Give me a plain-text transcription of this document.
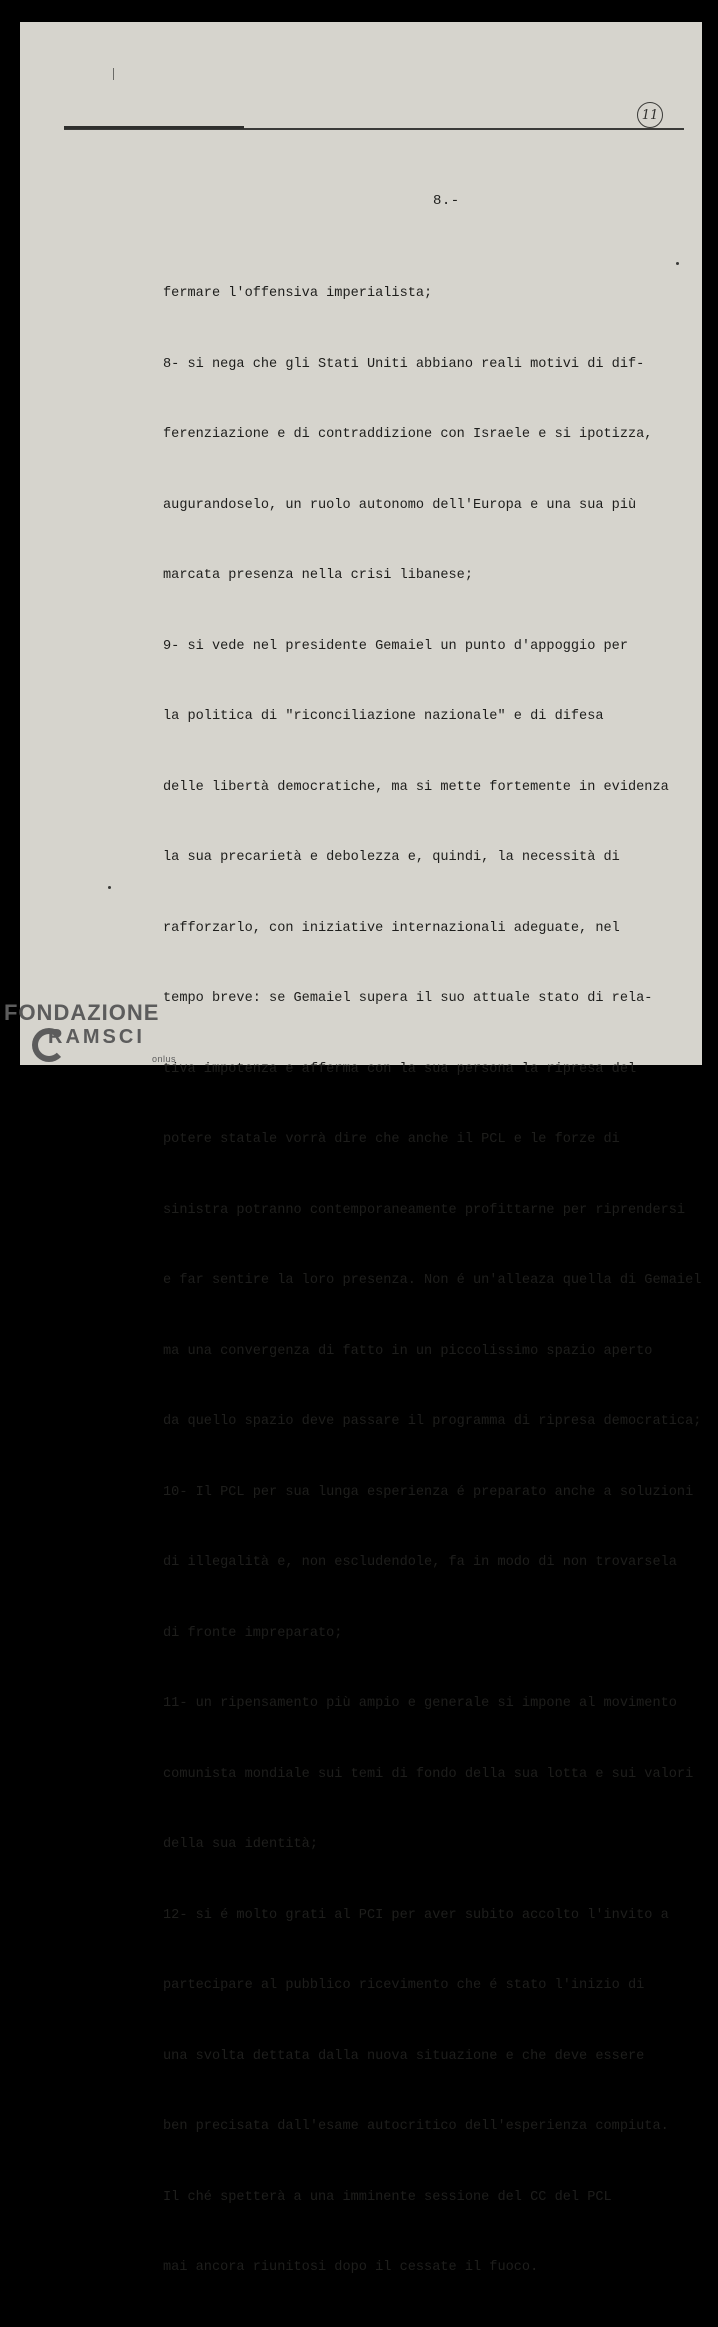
11
8.-

fermare l'offensiva imperialista;

8- si nega che gli Stati Uniti abbiano reali motivi di dif-

ferenziazione e di contraddizione con Israele e si ipotizza,

augurandoselo, un ruolo autonomo dell'Europa e una sua più

marcata presenza nella crisi libanese;

9- si vede nel presidente Gemaiel un punto d'appoggio per

la politica di "riconciliazione nazionale" e di difesa

delle libertà democratiche, ma si mette fortemente in evidenza

la sua precarietà e debolezza e, quindi, la necessità di

rafforzarlo, con iniziative internazionali adeguate, nel

tempo breve: se Gemaiel supera il suo attuale stato di rela-

tiva impotenza e afferma con la sua persona la ripresa del

potere statale vorrà dire che anche il PCL e le forze di

sinistra potranno contemporaneamente profittarne per riprendersi

e far sentire la loro presenza. Non é un'alleaza quella di Gemaiel

ma una convergenza di fatto in un piccolissimo spazio aperto

da quello spazio deve passare il programma di ripresa democratica;

10- Il PCL per sua lunga esperienza é preparato anche a soluzioni

di illegalità e, non escludendole, fa in modo di non trovarsela

di fronte impreparato;

11- un ripensamento più ampio e generale si impone al movimento

comunista mondiale sui temi di fondo della sua lotta e sui valori

della sua identità;

12- si é molto grati al PCI per aver subito accolto l'invito a

partecipare al pubblico ricevimento che é stato l'inizio di

una svolta dettata dalla nuova situazione e che deve essere

ben precisata dall'esame autocritico dell'esperienza compiuta.

Il ché spetterà a una imminente sessione del CC del PCL

mai ancora riunitosi dopo il cessate il fuoco.

FONDAZIONE
RAMSCI
onlus
